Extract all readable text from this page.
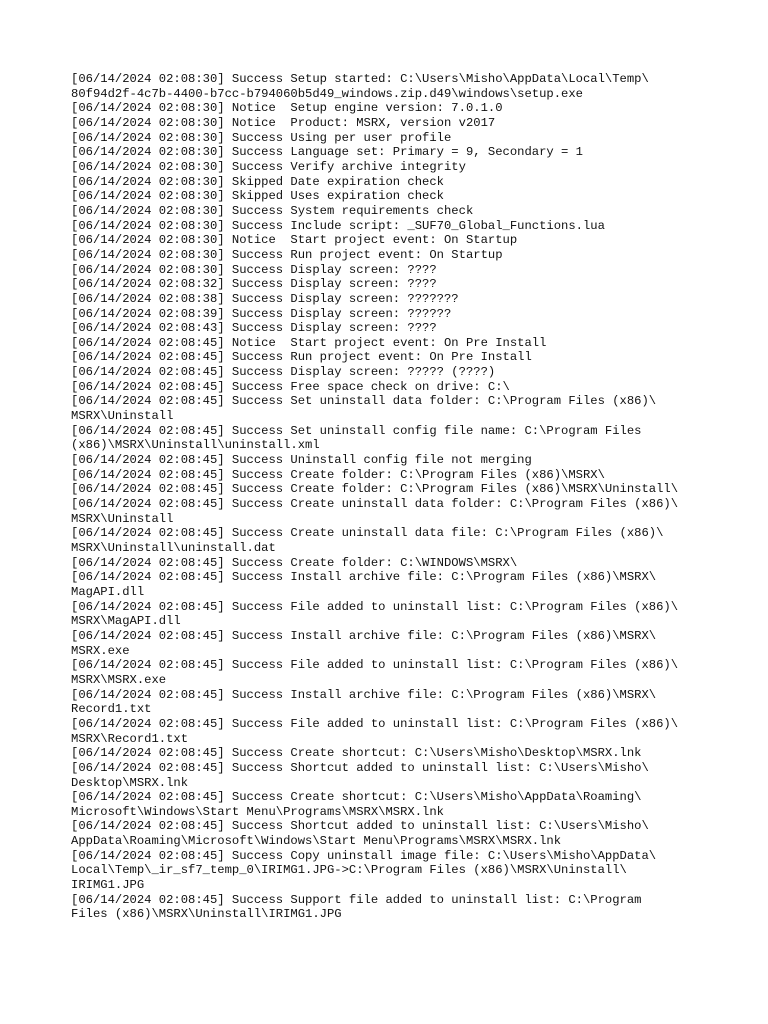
[06/14/2024 02:08:30] Success Setup started: C:\Users\Misho\AppData\Local\Temp\
80f94d2f-4c7b-4400-b7cc-b794060b5d49_windows.zip.d49\windows\setup.exe
[06/14/2024 02:08:30] Notice  Setup engine version: 7.0.1.0
[06/14/2024 02:08:30] Notice  Product: MSRX, version v2017
[06/14/2024 02:08:30] Success Using per user profile
[06/14/2024 02:08:30] Success Language set: Primary = 9, Secondary = 1
[06/14/2024 02:08:30] Success Verify archive integrity
[06/14/2024 02:08:30] Skipped Date expiration check
[06/14/2024 02:08:30] Skipped Uses expiration check
[06/14/2024 02:08:30] Success System requirements check
[06/14/2024 02:08:30] Success Include script: _SUF70_Global_Functions.lua
[06/14/2024 02:08:30] Notice  Start project event: On Startup
[06/14/2024 02:08:30] Success Run project event: On Startup
[06/14/2024 02:08:30] Success Display screen: ????
[06/14/2024 02:08:32] Success Display screen: ????
[06/14/2024 02:08:38] Success Display screen: ???????
[06/14/2024 02:08:39] Success Display screen: ??????
[06/14/2024 02:08:43] Success Display screen: ????
[06/14/2024 02:08:45] Notice  Start project event: On Pre Install
[06/14/2024 02:08:45] Success Run project event: On Pre Install
[06/14/2024 02:08:45] Success Display screen: ????? (????)
[06/14/2024 02:08:45] Success Free space check on drive: C:\
[06/14/2024 02:08:45] Success Set uninstall data folder: C:\Program Files (x86)\
MSRX\Uninstall
[06/14/2024 02:08:45] Success Set uninstall config file name: C:\Program Files
(x86)\MSRX\Uninstall\uninstall.xml
[06/14/2024 02:08:45] Success Uninstall config file not merging
[06/14/2024 02:08:45] Success Create folder: C:\Program Files (x86)\MSRX\
[06/14/2024 02:08:45] Success Create folder: C:\Program Files (x86)\MSRX\Uninstall\
[06/14/2024 02:08:45] Success Create uninstall data folder: C:\Program Files (x86)\
MSRX\Uninstall
[06/14/2024 02:08:45] Success Create uninstall data file: C:\Program Files (x86)\
MSRX\Uninstall\uninstall.dat
[06/14/2024 02:08:45] Success Create folder: C:\WINDOWS\MSRX\
[06/14/2024 02:08:45] Success Install archive file: C:\Program Files (x86)\MSRX\
MagAPI.dll
[06/14/2024 02:08:45] Success File added to uninstall list: C:\Program Files (x86)\
MSRX\MagAPI.dll
[06/14/2024 02:08:45] Success Install archive file: C:\Program Files (x86)\MSRX\
MSRX.exe
[06/14/2024 02:08:45] Success File added to uninstall list: C:\Program Files (x86)\
MSRX\MSRX.exe
[06/14/2024 02:08:45] Success Install archive file: C:\Program Files (x86)\MSRX\
Record1.txt
[06/14/2024 02:08:45] Success File added to uninstall list: C:\Program Files (x86)\
MSRX\Record1.txt
[06/14/2024 02:08:45] Success Create shortcut: C:\Users\Misho\Desktop\MSRX.lnk
[06/14/2024 02:08:45] Success Shortcut added to uninstall list: C:\Users\Misho\
Desktop\MSRX.lnk
[06/14/2024 02:08:45] Success Create shortcut: C:\Users\Misho\AppData\Roaming\
Microsoft\Windows\Start Menu\Programs\MSRX\MSRX.lnk
[06/14/2024 02:08:45] Success Shortcut added to uninstall list: C:\Users\Misho\
AppData\Roaming\Microsoft\Windows\Start Menu\Programs\MSRX\MSRX.lnk
[06/14/2024 02:08:45] Success Copy uninstall image file: C:\Users\Misho\AppData\
Local\Temp\_ir_sf7_temp_0\IRIMG1.JPG->C:\Program Files (x86)\MSRX\Uninstall\
IRIMG1.JPG
[06/14/2024 02:08:45] Success Support file added to uninstall list: C:\Program
Files (x86)\MSRX\Uninstall\IRIMG1.JPG
